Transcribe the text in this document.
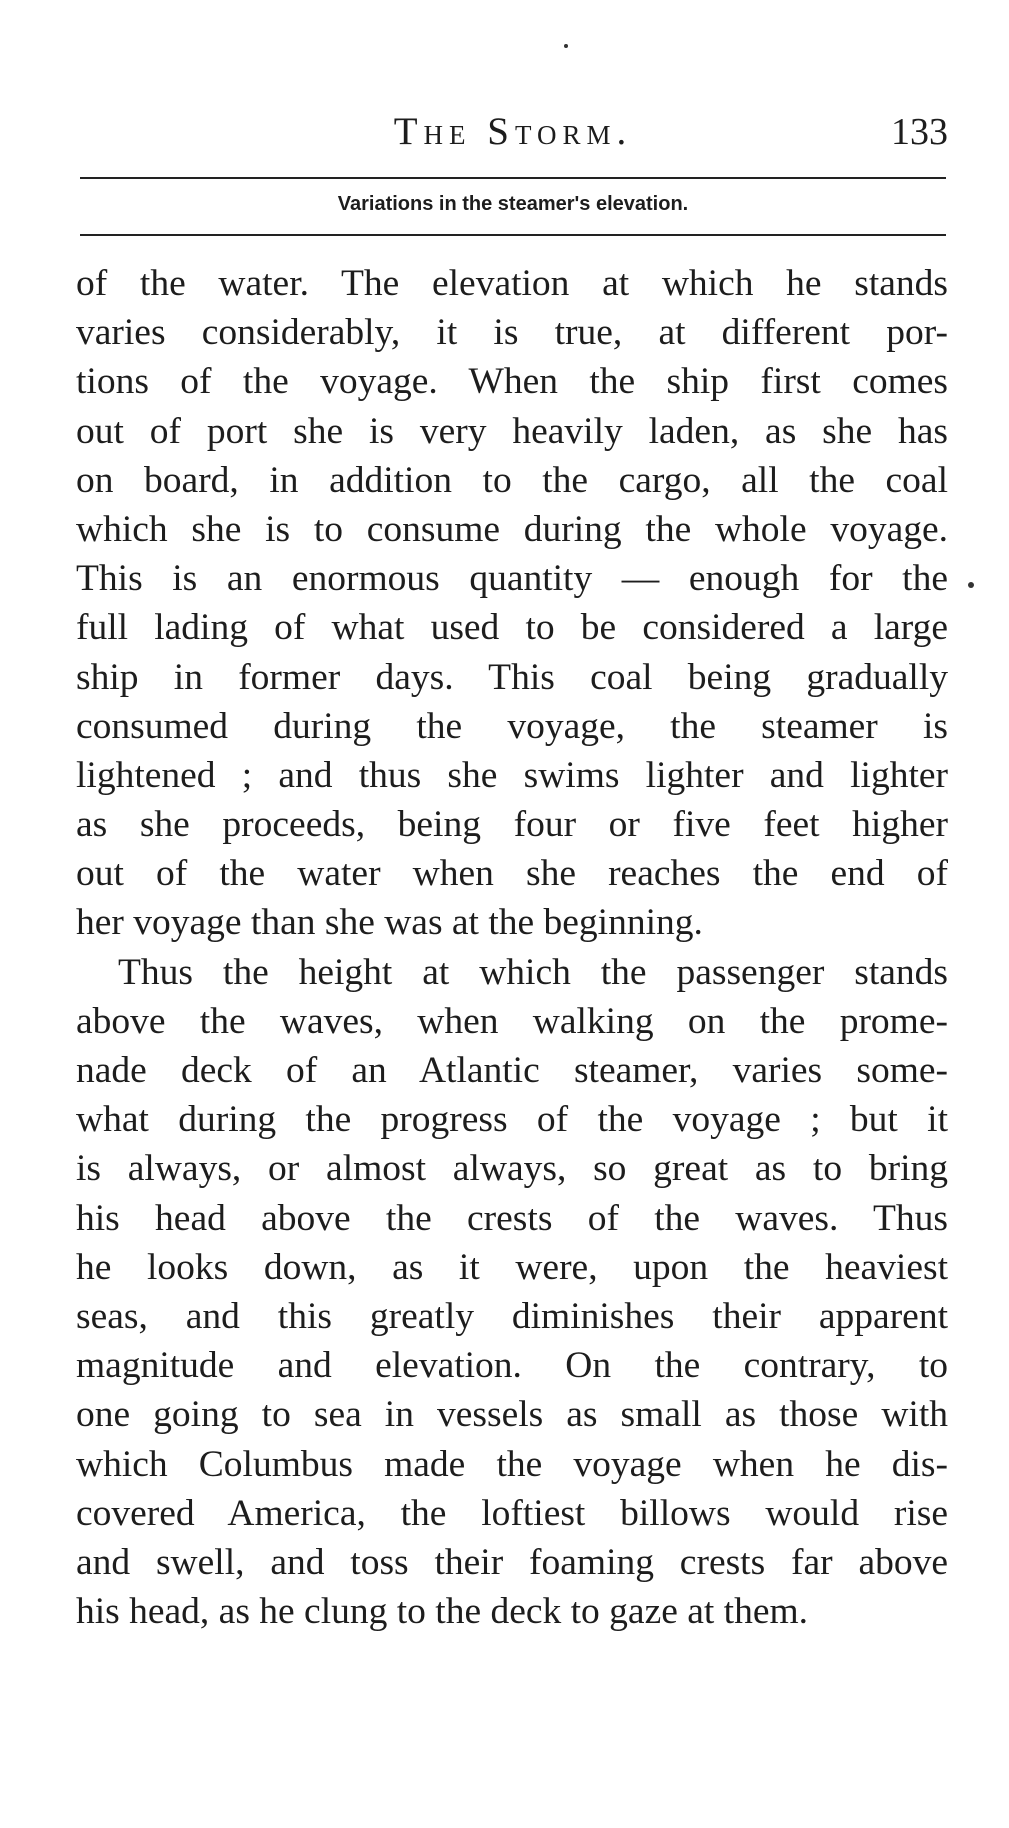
The Storm.	133
Variations in the steamer's elevation.
of the water. The elevation at which he stands
varies considerably, it is true, at different por-
tions of the voyage. When the ship first comes
out of port she is very heavily laden, as she has
on board, in addition to the cargo, all the coal
which she is to consume during the whole voyage.
This is an enormous quantity — enough for the
full lading of what used to be considered a large
ship in former days. This coal being gradually
consumed during the voyage, the steamer is
lightened ; and thus she swims lighter and lighter
as she proceeds, being four or five feet higher
out of the water when she reaches the end of
her voyage than she was at the beginning.
Thus the height at which the passenger stands
above the waves, when walking on the prome-
nade deck of an Atlantic steamer, varies some-
what during the progress of the voyage ; but it
is always, or almost always, so great as to bring
his head above the crests of the waves. Thus
he looks down, as it were, upon the heaviest
seas, and this greatly diminishes their apparent
magnitude and elevation. On the contrary, to
one going to sea in vessels as small as those with
which Columbus made the voyage when he dis-
covered America, the loftiest billows would rise
and swell, and toss their foaming crests far above
his head, as he clung to the deck to gaze at them.
